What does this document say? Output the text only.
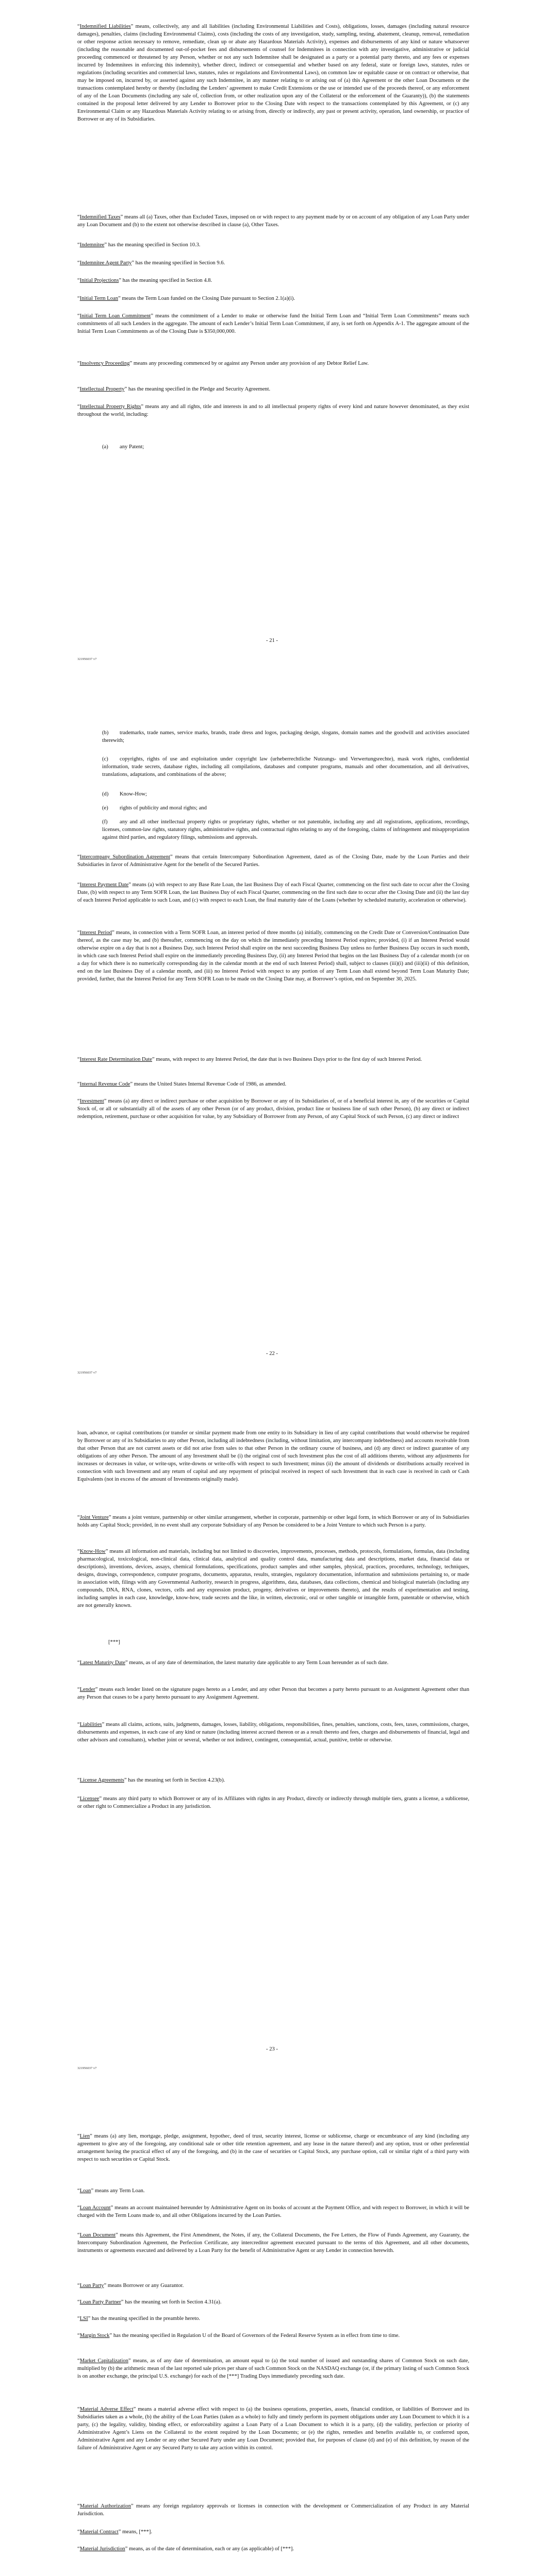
“Indemnified Liabilities” means, collectively, any and all liabilities (including Environmental Liabilities and Costs), obligations, losses, damages (including natural resource damages), penalties, claims (including Environmental Claims), costs (including the costs of any investigation, study, sampling, testing, abatement, cleanup, removal, remediation or other response action necessary to remove, remediate, clean up or abate any Hazardous Materials Activity), expenses and disbursements of any kind or nature whatsoever (including the reasonable and documented out-of-pocket fees and disbursements of counsel for Indemnitees in connection with any investigative, administrative or judicial proceeding commenced or threatened by any Person, whether or not any such Indemnitee shall be designated as a party or a potential party thereto, and any fees or expenses incurred by Indemnitees in enforcing this indemnity), whether direct, indirect or consequential and whether based on any federal, state or foreign laws, statutes, rules or regulations (including securities and commercial laws, statutes, rules or regulations and Environmental Laws), on common law or equitable cause or on contract or otherwise, that may be imposed on, incurred by, or asserted against any such Indemnitee, in any manner relating to or arising out of (a) this Agreement or the other Loan Documents or the transactions contemplated hereby or thereby (including the Lenders’ agreement to make Credit Extensions or the use or intended use of the proceeds thereof, or any enforcement of any of the Loan Documents (including any sale of, collection from, or other realization upon any of the Collateral or the enforcement of the Guaranty)), (b) the statements contained in the proposal letter delivered by any Lender to Borrower prior to the Closing Date with respect to the transactions contemplated by this Agreement, or (c) any Environmental Claim or any Hazardous Materials Activity relating to or arising from, directly or indirectly, any past or present activity, operation, land ownership, or practice of Borrower or any of its Subsidiaries.

“Indemnified Taxes” means all (a) Taxes, other than Excluded Taxes, imposed on or with respect to any payment made by or on account of any obligation of any Loan Party under any Loan Document and (b) to the extent not otherwise described in clause (a), Other Taxes.

“Indemnitee” has the meaning specified in Section 10.3.

“Indemnitee Agent Party” has the meaning specified in Section 9.6.

“Initial Projections” has the meaning specified in Section 4.8.

“Initial Term Loan” means the Term Loan funded on the Closing Date pursuant to Section 2.1(a)(i).

“Initial Term Loan Commitment” means the commitment of a Lender to make or otherwise fund the Initial Term Loan and “Initial Term Loan Commitments” means such commitments of all such Lenders in the aggregate. The amount of each Lender’s Initial Term Loan Commitment, if any, is set forth on Appendix A-1. The aggregate amount of the Initial Term Loan Commitments as of the Closing Date is $350,000,000.

“Insolvency Proceeding” means any proceeding commenced by or against any Person under any provision of any Debtor Relief Law.

“Intellectual Property” has the meaning specified in the Pledge and Security Agreement.

“Intellectual Property Rights” means any and all rights, title and interests in and to all intellectual property rights of every kind and nature however denominated, as they exist throughout the world, including:

(a) any Patent;

- 21 -
321956037 v7

(b) trademarks, trade names, service marks, brands, trade dress and logos, packaging design, slogans, domain names and the goodwill and activities associated therewith;

(c) copyrights, rights of use and exploitation under copyright law (urheberrechtliche Nutzungs- und Verwertungsrechte), mask work rights, confidential information, trade secrets, database rights, including all compilations, databases and computer programs, manuals and other documentation, and all derivatives, translations, adaptations, and combinations of the above;

(d) Know-How;

(e) rights of publicity and moral rights; and

(f) any and all other intellectual property rights or proprietary rights, whether or not patentable, including any and all registrations, applications, recordings, licenses, common-law rights, statutory rights, administrative rights, and contractual rights relating to any of the foregoing, claims of infringement and misappropriation against third parties, and regulatory filings, submissions and approvals.

“Intercompany Subordination Agreement” means that certain Intercompany Subordination Agreement, dated as of the Closing Date, made by the Loan Parties and their Subsidiaries in favor of Administrative Agent for the benefit of the Secured Parties.

“Interest Payment Date” means (a) with respect to any Base Rate Loan, the last Business Day of each Fiscal Quarter, commencing on the first such date to occur after the Closing Date, (b) with respect to any Term SOFR Loan, the last Business Day of each Fiscal Quarter, commencing on the first such date to occur after the Closing Date and (ii) the last day of each Interest Period applicable to such Loan, and (c) with respect to each Loan, the final maturity date of the Loans (whether by scheduled maturity, acceleration or otherwise).

“Interest Period” means, in connection with a Term SOFR Loan, an interest period of three months (a) initially, commencing on the Credit Date or Conversion/Continuation Date thereof, as the case may be, and (b) thereafter, commencing on the day on which the immediately preceding Interest Period expires; provided, (i) if an Interest Period would otherwise expire on a day that is not a Business Day, such Interest Period shall expire on the next succeeding Business Day unless no further Business Day occurs in such month, in which case such Interest Period shall expire on the immediately preceding Business Day, (ii) any Interest Period that begins on the last Business Day of a calendar month (or on a day for which there is no numerically corresponding day in the calendar month at the end of such Interest Period) shall, subject to clauses (iii)(i) and (iii)(ii) of this definition, end on the last Business Day of a calendar month, and (iii) no Interest Period with respect to any portion of any Term Loan shall extend beyond Term Loan Maturity Date; provided, further, that the Interest Period for any Term SOFR Loan to be made on the Closing Date may, at Borrower’s option, end on September 30, 2025.

“Interest Rate Determination Date” means, with respect to any Interest Period, the date that is two Business Days prior to the first day of such Interest Period.

“Internal Revenue Code” means the United States Internal Revenue Code of 1986, as amended.

“Investment” means (a) any direct or indirect purchase or other acquisition by Borrower or any of its Subsidiaries of, or of a beneficial interest in, any of the securities or Capital Stock of, or all or substantially all of the assets of any other Person (or of any product, division, product line or business line of such other Person), (b) any direct or indirect redemption, retirement, purchase or other acquisition for value, by any Subsidiary of Borrower from any Person, of any Capital Stock of such Person, (c) any direct or indirect

- 22 -
321956037 v7

loan, advance, or capital contributions (or transfer or similar payment made from one entity to its Subsidiary in lieu of any capital contributions that would otherwise be required by Borrower or any of its Subsidiaries to any other Person, including all indebtedness (including, without limitation, any intercompany indebtedness) and accounts receivable from that other Person that are not current assets or did not arise from sales to that other Person in the ordinary course of business, and (d) any direct or indirect guarantee of any obligations of any other Person. The amount of any Investment shall be (i) the original cost of such Investment plus the cost of all additions thereto, without any adjustments for increases or decreases in value, or write-ups, write-downs or write-offs with respect to such Investment; minus (ii) the amount of dividends or distributions actually received in connection with such Investment and any return of capital and any repayment of principal received in respect of such Investment that in each case is received in cash or Cash Equivalents (not in excess of the amount of Investments originally made).

“Joint Venture” means a joint venture, partnership or other similar arrangement, whether in corporate, partnership or other legal form, in which Borrower or any of its Subsidiaries holds any Capital Stock; provided, in no event shall any corporate Subsidiary of any Person be considered to be a Joint Venture to which such Person is a party.

“Know-How” means all information and materials, including but not limited to discoveries, improvements, processes, methods, protocols, formulations, formulas, data (including pharmacological, toxicological, non-clinical data, clinical data, analytical and quality control data, manufacturing data and descriptions, market data, financial data or descriptions), inventions, devices, assays, chemical formulations, specifications, product samples and other samples, physical, practices, procedures, technology, techniques, designs, drawings, correspondence, computer programs, documents, apparatus, results, strategies, regulatory documentation, information and submissions pertaining to, or made in association with, filings with any Governmental Authority, research in progress, algorithms, data, databases, data collections, chemical and biological materials (including any compounds, DNA, RNA, clones, vectors, cells and any expression product, progeny, derivatives or improvements thereto), and the results of experimentation and testing, including samples in each case, knowledge, know-how, trade secrets and the like, in written, electronic, oral or other tangible or intangible form, patentable or otherwise, which are not generally known.

[***]

“Latest Maturity Date” means, as of any date of determination, the latest maturity date applicable to any Term Loan hereunder as of such date.

“Lender” means each lender listed on the signature pages hereto as a Lender, and any other Person that becomes a party hereto pursuant to an Assignment Agreement other than any Person that ceases to be a party hereto pursuant to any Assignment Agreement.

“Liabilities” means all claims, actions, suits, judgments, damages, losses, liability, obligations, responsibilities, fines, penalties, sanctions, costs, fees, taxes, commissions, charges, disbursements and expenses, in each case of any kind or nature (including interest accrued thereon or as a result thereto and fees, charges and disbursements of financial, legal and other advisors and consultants), whether joint or several, whether or not indirect, contingent, consequential, actual, punitive, treble or otherwise.

“License Agreements” has the meaning set forth in Section 4.23(b).

“Licensee” means any third party to which Borrower or any of its Affiliates with rights in any Product, directly or indirectly through multiple tiers, grants a license, a sublicense, or other right to Commercialize a Product in any jurisdiction.

- 23 -
321956037 v7

“Lien” means (a) any lien, mortgage, pledge, assignment, hypothec, deed of trust, security interest, license or sublicense, charge or encumbrance of any kind (including any agreement to give any of the foregoing, any conditional sale or other title retention agreement, and any lease in the nature thereof) and any option, trust or other preferential arrangement having the practical effect of any of the foregoing, and (b) in the case of securities or Capital Stock, any purchase option, call or similar right of a third party with respect to such securities or Capital Stock.

“Loan” means any Term Loan.

“Loan Account” means an account maintained hereunder by Administrative Agent on its books of account at the Payment Office, and with respect to Borrower, in which it will be charged with the Term Loans made to, and all other Obligations incurred by the Loan Parties.

“Loan Document” means this Agreement, the First Amendment, the Notes, if any, the Collateral Documents, the Fee Letters, the Flow of Funds Agreement, any Guaranty, the Intercompany Subordination Agreement, the Perfection Certificate, any intercreditor agreement executed pursuant to the terms of this Agreement, and all other documents, instruments or agreements executed and delivered by a Loan Party for the benefit of Administrative Agent or any Lender in connection herewith.

“Loan Party” means Borrower or any Guarantor.

“Loan Party Partner” has the meaning set forth in Section 4.31(a).

“LSI” has the meaning specified in the preamble hereto.

“Margin Stock” has the meaning specified in Regulation U of the Board of Governors of the Federal Reserve System as in effect from time to time.

“Market Capitalization” means, as of any date of determination, an amount equal to (a) the total number of issued and outstanding shares of Common Stock on such date, multiplied by (b) the arithmetic mean of the last reported sale prices per share of such Common Stock on the NASDAQ exchange (or, if the primary listing of such Common Stock is on another exchange, the principal U.S. exchange) for each of the [***] Trading Days immediately preceding such date.

“Material Adverse Effect” means a material adverse effect with respect to (a) the business operations, properties, assets, financial condition, or liabilities of Borrower and its Subsidiaries taken as a whole, (b) the ability of the Loan Parties (taken as a whole) to fully and timely perform its payment obligations under any Loan Document to which it is a party, (c) the legality, validity, binding effect, or enforceability against a Loan Party of a Loan Document to which it is a party, (d) the validity, perfection or priority of Administrative Agent’s Liens on the Collateral to the extent required by the Loan Documents; or (e) the rights, remedies and benefits available to, or conferred upon, Administrative Agent and any Lender or any other Secured Party under any Loan Document; provided that, for purposes of clause (d) and (e) of this definition, by reason of the failure of Administrative Agent or any Secured Party to take any action within its control.

“Material Authorization” means any foreign regulatory approvals or licenses in connection with the development or Commercialization of any Product in any Material Jurisdiction.

“Material Contract” means, [***].

“Material Jurisdiction” means, as of the date of determination, each or any (as applicable) of [***].
